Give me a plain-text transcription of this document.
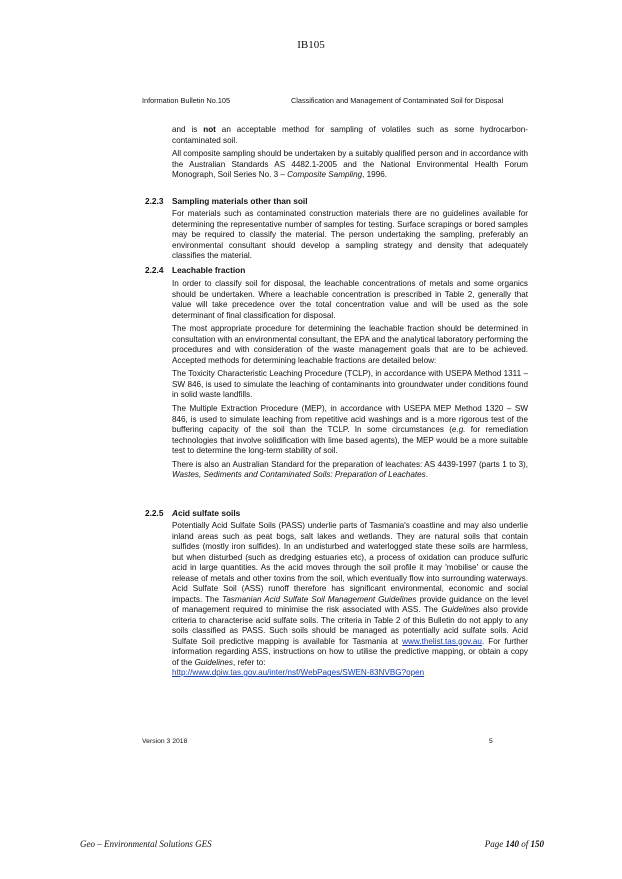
IB105
Information Bulletin No.105	Classification and Management of Contaminated Soil for Disposal

and is not an acceptable method for sampling of volatiles such as some hydrocarbon-contaminated soil.

All composite sampling should be undertaken by a suitably qualified person and in accordance with the Australian Standards AS 4482.1-2005 and the National Environmental Health Forum Monograph, Soil Series No. 3 – Composite Sampling, 1996.

2.2.3 Sampling materials other than soil

For materials such as contaminated construction materials there are no guidelines available for determining the representative number of samples for testing. Surface scrapings or bored samples may be required to classify the material. The person undertaking the sampling, preferably an environmental consultant should develop a sampling strategy and density that adequately classifies the material.

2.2.4 Leachable fraction

In order to classify soil for disposal, the leachable concentrations of metals and some organics should be undertaken. Where a leachable concentration is prescribed in Table 2, generally that value will take precedence over the total concentration value and will be used as the sole determinant of final classification for disposal.

The most appropriate procedure for determining the leachable fraction should be determined in consultation with an environmental consultant, the EPA and the analytical laboratory performing the procedures and with consideration of the waste management goals that are to be achieved. Accepted methods for determining leachable fractions are detailed below:

The Toxicity Characteristic Leaching Procedure (TCLP), in accordance with USEPA Method 1311 – SW 846, is used to simulate the leaching of contaminants into groundwater under conditions found in solid waste landfills.

The Multiple Extraction Procedure (MEP), in accordance with USEPA MEP Method 1320 – SW 846, is used to simulate leaching from repetitive acid washings and is a more rigorous test of the buffering capacity of the soil than the TCLP. In some circumstances (e.g. for remediation technologies that involve solidification with lime based agents), the MEP would be a more suitable test to determine the long-term stability of soil.

There is also an Australian Standard for the preparation of leachates: AS 4439-1997 (parts 1 to 3), Wastes, Sediments and Contaminated Soils: Preparation of Leachates.

2.2.5 Acid sulfate soils

Potentially Acid Sulfate Soils (PASS) underlie parts of Tasmania's coastline and may also underlie inland areas such as peat bogs, salt lakes and wetlands. They are natural soils that contain sulfides (mostly iron sulfides). In an undisturbed and waterlogged state these soils are harmless, but when disturbed (such as dredging estuaries etc), a process of oxidation can produce sulfuric acid in large quantities. As the acid moves through the soil profile it may 'mobilise' or cause the release of metals and other toxins from the soil, which eventually flow into surrounding waterways. Acid Sulfate Soil (ASS) runoff therefore has significant environmental, economic and social impacts. The Tasmanian Acid Sulfate Soil Management Guidelines provide guidance on the level of management required to minimise the risk associated with ASS. The Guidelines also provide criteria to characterise acid sulfate soils. The criteria in Table 2 of this Bulletin do not apply to any soils classified as PASS. Such soils should be managed as potentially acid sulfate soils. Acid Sulfate Soil predictive mapping is available for Tasmania at www.thelist.tas.gov.au. For further information regarding ASS, instructions on how to utilise the predictive mapping, or obtain a copy of the Guidelines, refer to:

http://www.dpiw.tas.gov.au/inter/nsf/WebPages/SWEN-83NVBG?open
Version 3 2018	5
Geo – Environmental Solutions GES	Page 140 of 150
